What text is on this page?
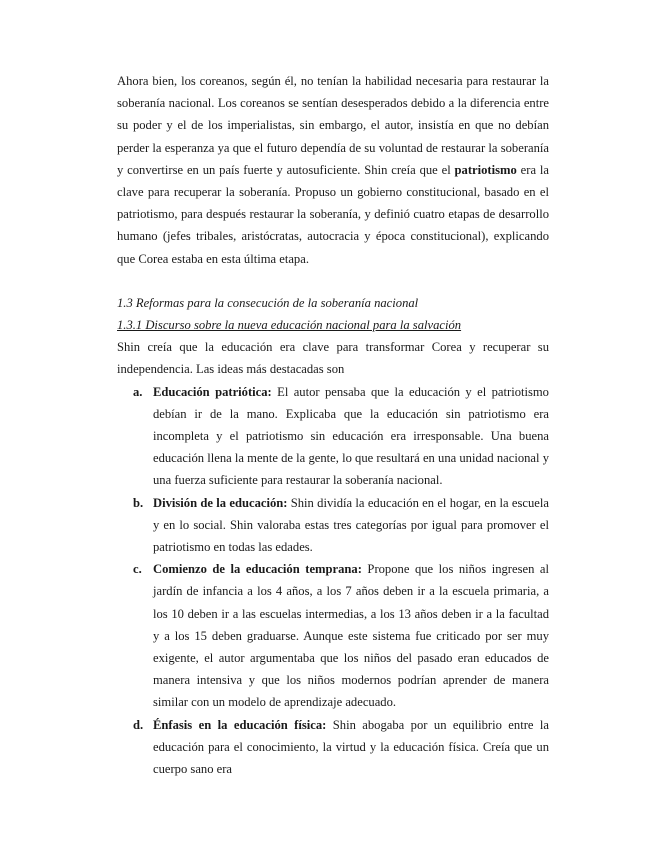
Ahora bien, los coreanos, según él, no tenían la habilidad necesaria para restaurar la soberanía nacional. Los coreanos se sentían desesperados debido a la diferencia entre su poder y el de los imperialistas, sin embargo, el autor, insistía en que no debían perder la esperanza ya que el futuro dependía de su voluntad de restaurar la soberanía y convertirse en un país fuerte y autosuficiente. Shin creía que el patriotismo era la clave para recuperar la soberanía. Propuso un gobierno constitucional, basado en el patriotismo, para después restaurar la soberanía, y definió cuatro etapas de desarrollo humano (jefes tribales, aristócratas, autocracia y época constitucional), explicando que Corea estaba en esta última etapa.

1.3 Reformas para la consecución de la soberanía nacional

1.3.1 Discurso sobre la nueva educación nacional para la salvación

Shin creía que la educación era clave para transformar Corea y recuperar su independencia. Las ideas más destacadas son

a. Educación patriótica: El autor pensaba que la educación y el patriotismo debían ir de la mano. Explicaba que la educación sin patriotismo era incompleta y el patriotismo sin educación era irresponsable. Una buena educación llena la mente de la gente, lo que resultará en una unidad nacional y una fuerza suficiente para restaurar la soberanía nacional.
b. División de la educación: Shin dividía la educación en el hogar, en la escuela y en lo social. Shin valoraba estas tres categorías por igual para promover el patriotismo en todas las edades.
c. Comienzo de la educación temprana: Propone que los niños ingresen al jardín de infancia a los 4 años, a los 7 años deben ir a la escuela primaria, a los 10 deben ir a las escuelas intermedias, a los 13 años deben ir a la facultad y a los 15 deben graduarse. Aunque este sistema fue criticado por ser muy exigente, el autor argumentaba que los niños del pasado eran educados de manera intensiva y que los niños modernos podrían aprender de manera similar con un modelo de aprendizaje adecuado.
d. Énfasis en la educación física: Shin abogaba por un equilibrio entre la educación para el conocimiento, la virtud y la educación física. Creía que un cuerpo sano era
